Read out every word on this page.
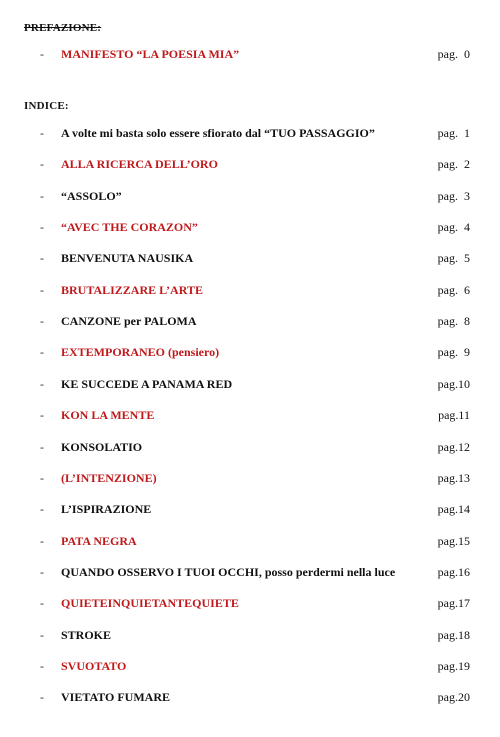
PREFAZIONE:
- MANIFESTO “LA POESIA MIA”	pag.  0
INDICE:
- A volte mi basta solo essere sfiorato dal “TUO PASSAGGIO”	pag.  1
- ALLA RICERCA DELL’ORO	pag.  2
- “ASSOLO”	pag.  3
- “AVEC THE CORAZON”	pag.  4
- BENVENUTA NAUSIKA	pag.  5
- BRUTALIZZARE L’ARTE	pag.  6
- CANZONE per PALOMA	pag.  8
- EXTEMPORANEO (pensiero)	pag.  9
- KE SUCCEDE A PANAMA RED	pag.10
- KON LA MENTE	pag.11
- KONSOLATIO	pag.12
- (L’INTENZIONE)	pag.13
- L’ISPIRAZIONE	pag.14
- PATA NEGRA	pag.15
- QUANDO OSSERVO I TUOI OCCHI, posso perdermi nella luce	pag.16
- QUIETEINQUIETANTEQUIETE	pag.17
- STROKE	pag.18
- SVUOTATO	pag.19
- VIETATO FUMARE	pag.20
